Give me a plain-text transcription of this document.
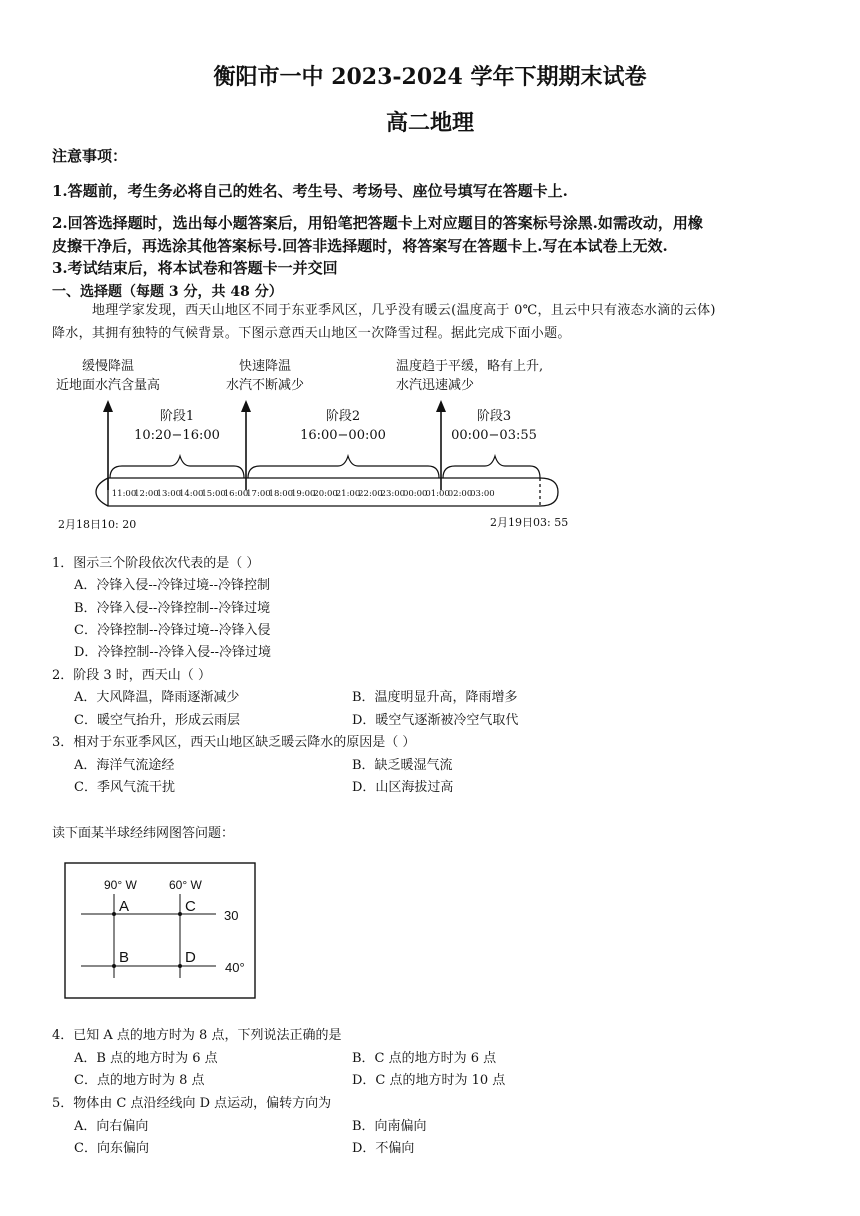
衡阳市一中 2023-2024 学年下期期末试卷
高二地理
注意事项：
1.答题前，考生务必将自己的姓名、考生号、考场号、座位号填写在答题卡上.
2.回答选择题时，选出每小题答案后，用铅笔把答题卡上对应题目的答案标号涂黑.如需改动，用橡
皮擦干净后，再选涂其他答案标号.回答非选择题时，将答案写在答题卡上.写在本试卷上无效.
3.考试结束后，将本试卷和答题卡一并交回
一、选择题（每题 3 分，共 48 分）
地理学家发现，西天山地区不同于东亚季风区，几乎没有暖云(温度高于 0℃，且云中只有液态水滴的云体)
降水，其拥有独特的气候背景。下图示意西天山地区一次降雪过程。据此完成下面小题。
缓慢降温
近地面水汽含量高
快速降温
水汽不断减少
温度趋于平缓，略有上升,
水汽迅速减少
阶段1
10:20−16:00
阶段2
16:00−00:00
阶段3
00:00−03:55
11:00
12:00
13:00
14:00
15:00
16:00
17:00
18:00
19:00
20:00
21:00
22:00
23:00
00:00
01:00
02:00
03:00
2月18日10: 20	2月19日03: 55
1．图示三个阶段依次代表的是（ ）
A．冷锋入侵--冷锋过境--冷锋控制
B．冷锋入侵--冷锋控制--冷锋过境
C．冷锋控制--冷锋过境--冷锋入侵
D．冷锋控制--冷锋入侵--冷锋过境
2．阶段 3 时，西天山（ ）
A．大风降温，降雨逐渐减少	B．温度明显升高，降雨增多
C．暖空气抬升，形成云雨层	D．暖空气逐渐被冷空气取代
3．相对于东亚季风区，西天山地区缺乏暖云降水的原因是（ ）
A．海洋气流途经	B．缺乏暖湿气流
C．季风气流干扰	D．山区海拔过高
读下面某半球经纬网图答问题：
90° W	60° W
30
40°
A
B
C
D
4．已知 A 点的地方时为 8 点，下列说法正确的是
A．B 点的地方时为 6 点	B．C 点的地方时为 6 点
C．点的地方时为 8 点	D．C 点的地方时为 10 点
5．物体由 C 点沿经线向 D 点运动，偏转方向为
A．向右偏向	B．向南偏向
C．向东偏向	D．不偏向
